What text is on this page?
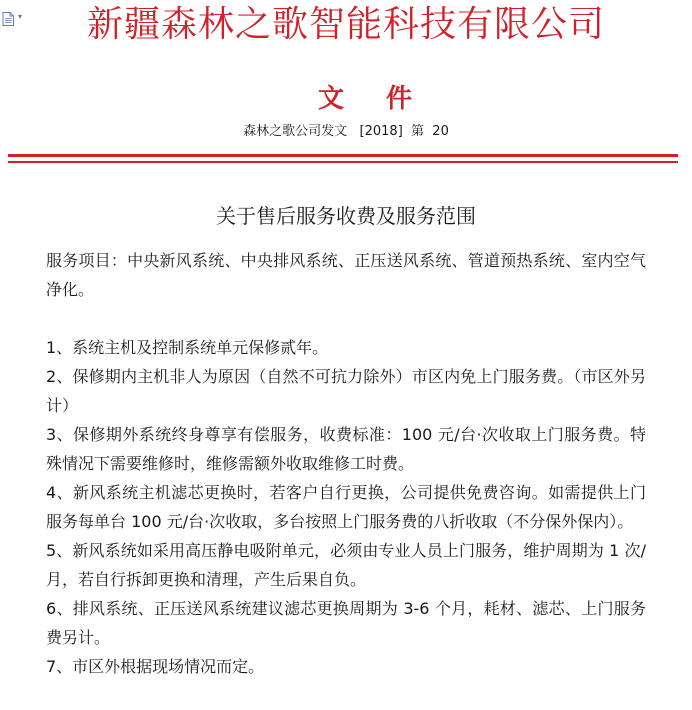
▾	新疆森林之歌智能科技有限公司
文件
森林之歌公司发文   [2018]  第  20
关于售后服务收费及服务范围

服务项目：中央新风系统、中央排风系统、正压送风系统、管道预热系统、室内空气净化。

1、系统主机及控制系统单元保修贰年。

2、保修期内主机非人为原因（自然不可抗力除外）市区内免上门服务费。（市区外另计）

3、保修期外系统终身尊享有偿服务，收费标准：100 元/台·次收取上门服务费。特殊情况下需要维修时，维修需额外收取维修工时费。

4、新风系统主机滤芯更换时，若客户自行更换，公司提供免费咨询。如需提供上门服务每单台 100 元/台·次收取，多台按照上门服务费的八折收取（不分保外保内）。

5、新风系统如采用高压静电吸附单元，必须由专业人员上门服务，维护周期为 1 次/月，若自行拆卸更换和清理，产生后果自负。

6、排风系统、正压送风系统建议滤芯更换周期为 3-6 个月，耗材、滤芯、上门服务费另计。

7、市区外根据现场情况而定。
